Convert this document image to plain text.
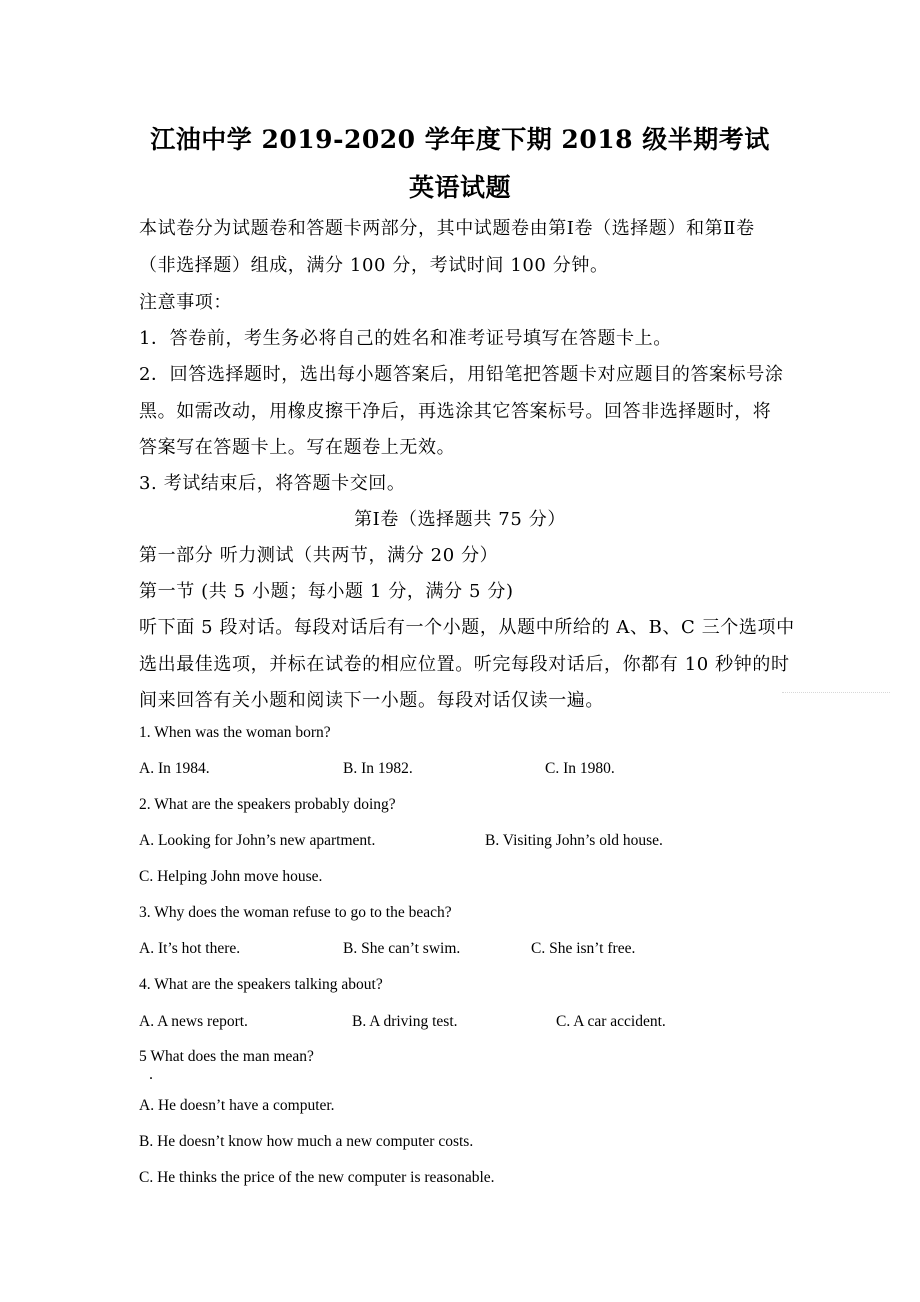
江油中学 2019-2020 学年度下期 2018 级半期考试
英语试题
本试卷分为试题卷和答题卡两部分，其中试题卷由第Ⅰ卷（选择题）和第Ⅱ卷
（非选择题）组成，满分 100 分，考试时间 100 分钟。
注意事项：
1．答卷前，考生务必将自己的姓名和准考证号填写在答题卡上。
2．回答选择题时，选出每小题答案后，用铅笔把答题卡对应题目的答案标号涂
黑。如需改动，用橡皮擦干净后，再选涂其它答案标号。回答非选择题时，将
答案写在答题卡上。写在题卷上无效。
3. 考试结束后，将答题卡交回。
第Ⅰ卷（选择题共 75 分）
第一部分 听力测试（共两节，满分 20 分）
第一节 (共 5 小题；每小题 1 分，满分 5 分)
听下面 5 段对话。每段对话后有一个小题，从题中所给的 A、B、C 三个选项中
选出最佳选项，并标在试卷的相应位置。听完每段对话后，你都有 10 秒钟的时
间来回答有关小题和阅读下一小题。每段对话仅读一遍。
1. When was the woman born?
A. In 1984.	B. In 1982.	C. In 1980.
2. What are the speakers probably doing?
A. Looking for John’s new apartment.	B. Visiting John’s old house.
C. Helping John move house.
3. Why does the woman refuse to go to the beach?
A. It’s hot there.	B. She can’t swim.	C. She isn’t free.
4. What are the speakers talking about?
A. A news report.	B. A driving test.	C. A car accident.
5 What does the man mean?
.
A. He doesn’t have a computer.
B. He doesn’t know how much a new computer costs.
C. He thinks the price of the new computer is reasonable.
